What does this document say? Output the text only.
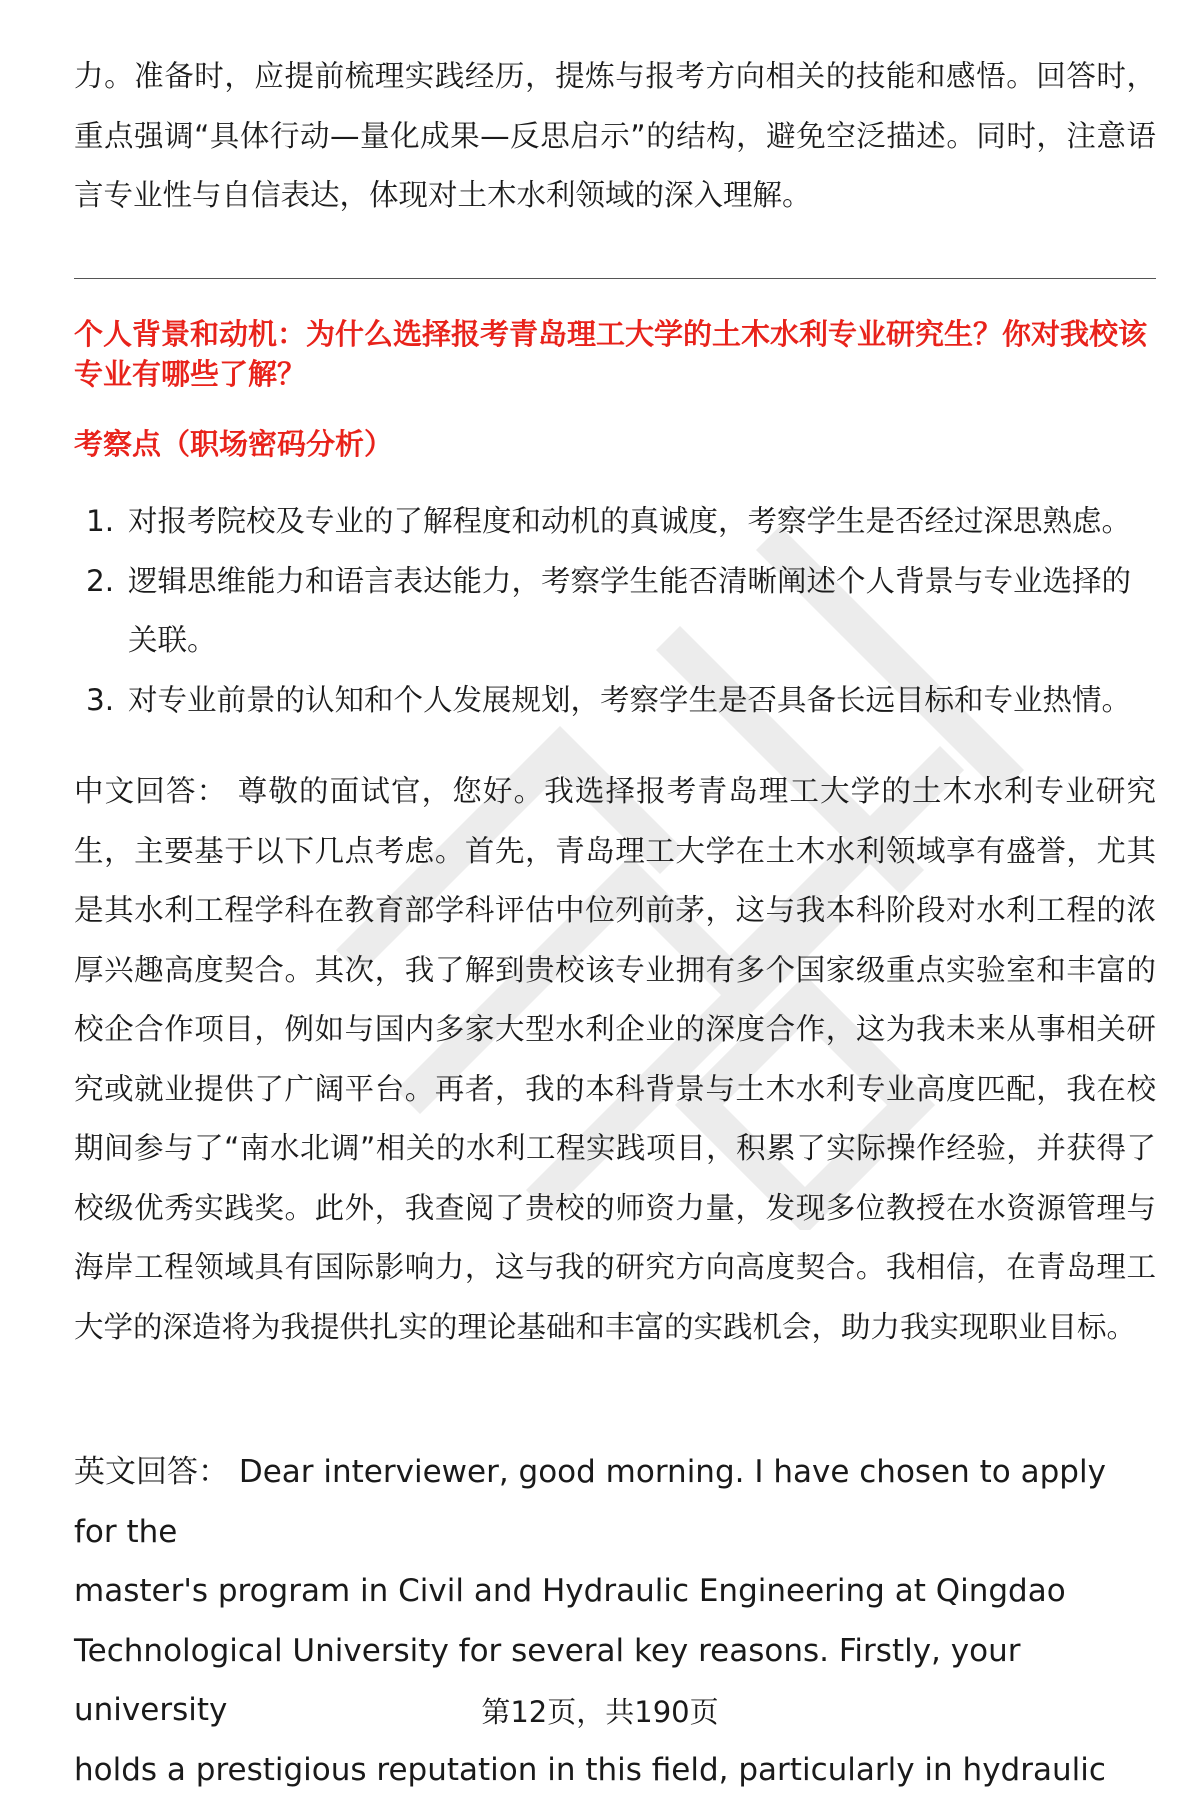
力。准备时，应提前梳理实践经历，提炼与报考方向相关的技能和感悟。回答时，重点强调“具体行动—量化成果—反思启示”的结构，避免空泛描述。同时，注意语言专业性与自信表达，体现对土木水利领域的深入理解。

个人背景和动机：为什么选择报考青岛理工大学的土木水利专业研究生？你对我校该专业有哪些了解？
考察点（职场密码分析）
1. 对报考院校及专业的了解程度和动机的真诚度，考察学生是否经过深思熟虑。
2. 逻辑思维能力和语言表达能力，考察学生能否清晰阐述个人背景与专业选择的关联。
3. 对专业前景的认知和个人发展规划，考察学生是否具备长远目标和专业热情。

中文回答： 尊敬的面试官，您好。我选择报考青岛理工大学的土木水利专业研究生，主要基于以下几点考虑。首先，青岛理工大学在土木水利领域享有盛誉，尤其是其水利工程学科在教育部学科评估中位列前茅，这与我本科阶段对水利工程的浓厚兴趣高度契合。其次，我了解到贵校该专业拥有多个国家级重点实验室和丰富的校企合作项目，例如与国内多家大型水利企业的深度合作，这为我未来从事相关研究或就业提供了广阔平台。再者，我的本科背景与土木水利专业高度匹配，我在校期间参与了“南水北调”相关的水利工程实践项目，积累了实际操作经验，并获得了校级优秀实践奖。此外，我查阅了贵校的师资力量，发现多位教授在水资源管理与海岸工程领域具有国际影响力，这与我的研究方向高度契合。我相信，在青岛理工大学的深造将为我提供扎实的理论基础和丰富的实践机会，助力我实现职业目标。

英文回答： Dear interviewer, good morning. I have chosen to apply for the

master's program in Civil and Hydraulic Engineering at Qingdao

Technological University for several key reasons. Firstly, your university

holds a prestigious reputation in this field, particularly in hydraulic

第12页，共190页
